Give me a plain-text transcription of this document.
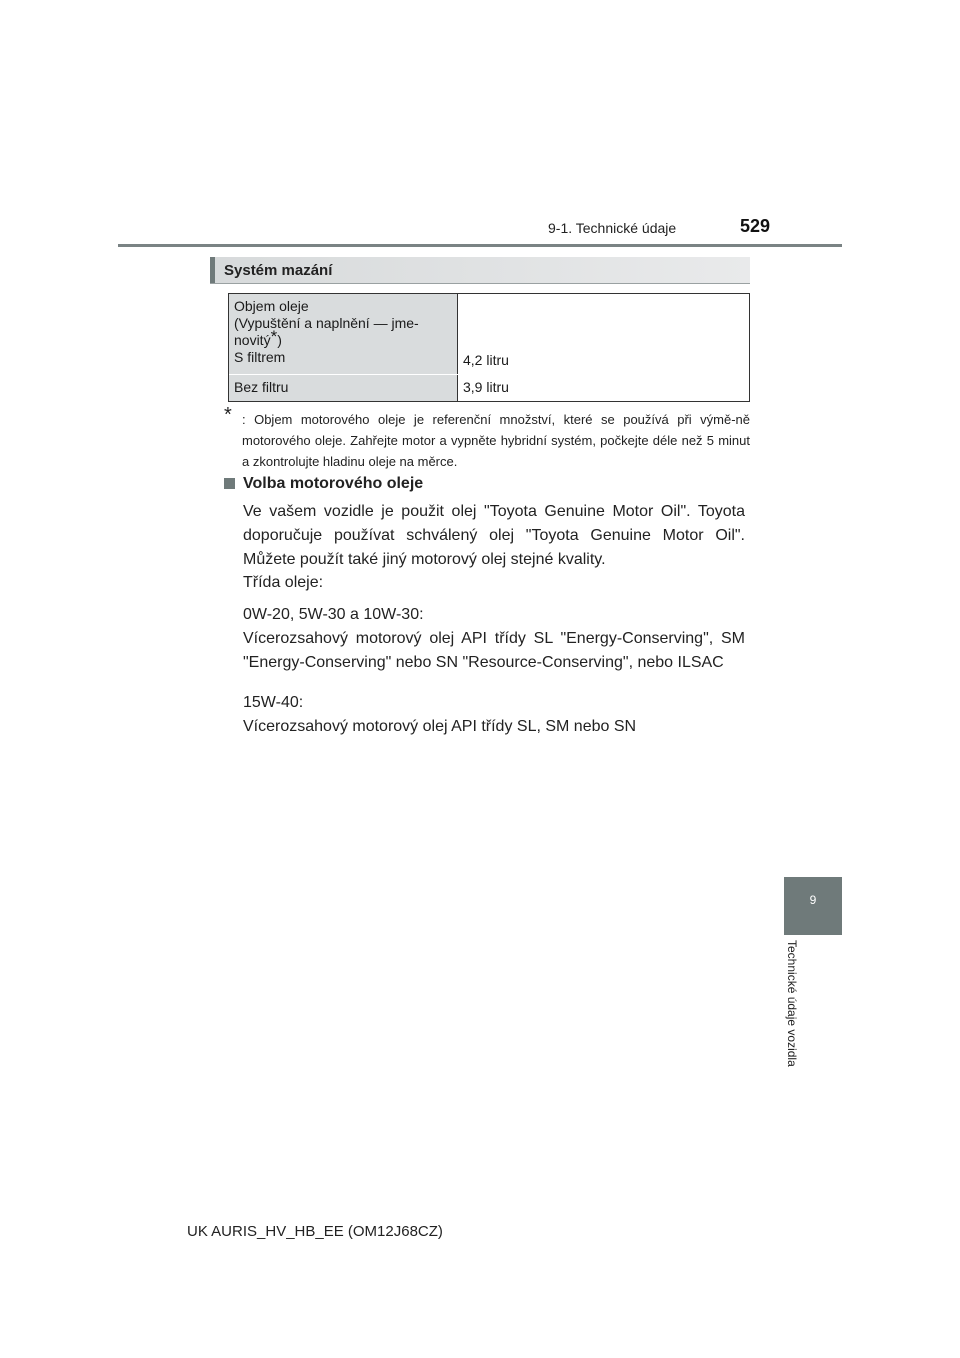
9-1. Technické údaje	529
9
Technické údaje vozidla
Systém mazání
Objem oleje
(Vypuštění a naplnění — jme-
novitý*)
S filtrem	4,2 litru
Bez filtru	3,9 litru
* : Objem motorového oleje je referenční množství, které se používá při výmě-ně motorového oleje. Zahřejte motor a vypněte hybridní systém, počkejte déle než 5 minut a zkontrolujte hladinu oleje na měrce.

Volba motorového oleje

Ve vašem vozidle je použit olej "Toyota Genuine Motor Oil". Toyota doporučuje používat schválený olej "Toyota Genuine Motor Oil". Můžete použít také jiný motorový olej stejné kvality.

Třída oleje:

0W-20, 5W-30 a 10W-30:

Vícerozsahový motorový olej API třídy SL "Energy-Conserving", SM "Energy-Conserving" nebo SN "Resource-Conserving", nebo ILSAC

15W-40:

Vícerozsahový motorový olej API třídy SL, SM nebo SN

UK AURIS_HV_HB_EE (OM12J68CZ)
